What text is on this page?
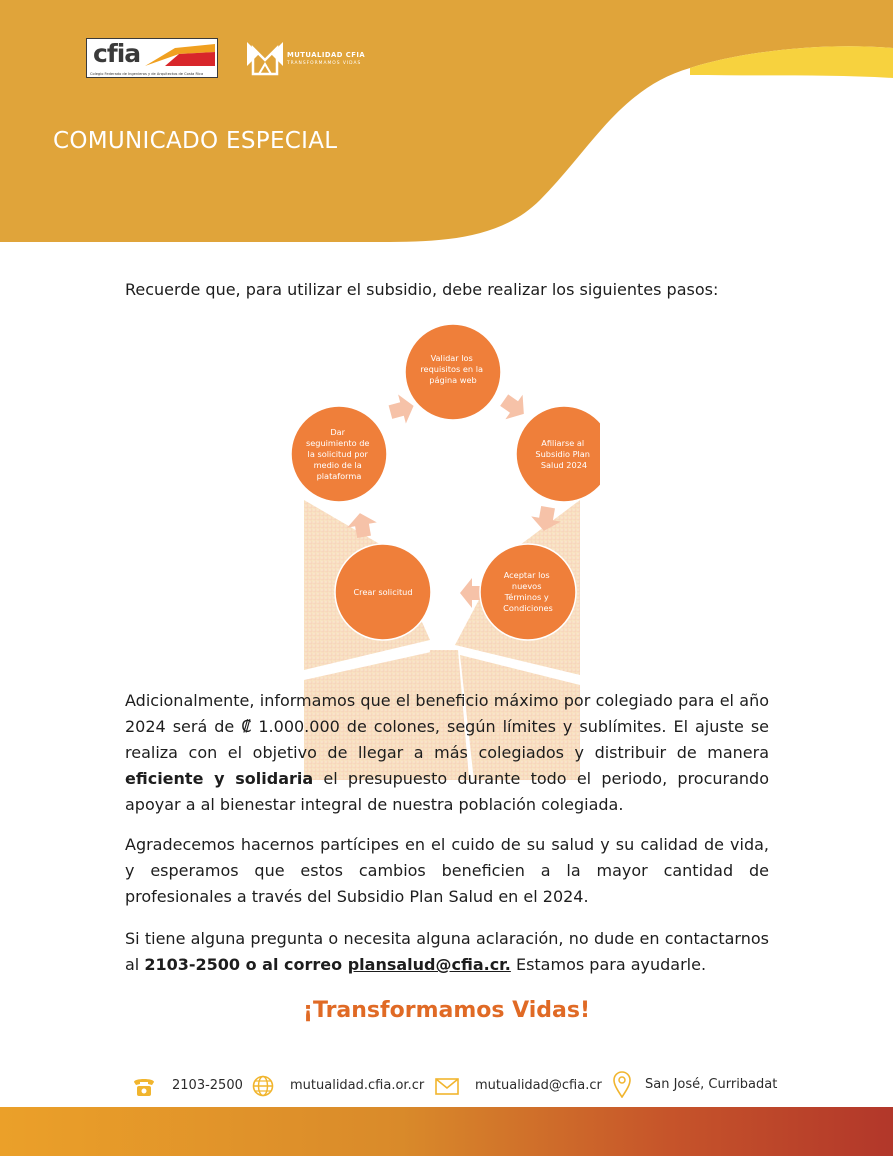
cfia
Colegio Federado de Ingenieros y de Arquitectos de Costa Rica
MUTUALIDAD CFIA
TRANSFORMAMOS VIDAS
COMUNICADO ESPECIAL
Recuerde que, para utilizar el subsidio, debe realizar los siguientes pasos:
Validar los requisitos en la página web
Afiliarse al Subsidio Plan Salud 2024
Aceptar los nuevos Términos y Condiciones
Crear solicitud
Dar seguimiento de la solicitud por medio de la plataforma
Adicionalmente, informamos que el beneficio máximo por colegiado para el año 2024 será de ₡ 1.000.000 de colones, según límites y sublímites. El ajuste se realiza con el objetivo de llegar a más colegiados y distribuir de manera eficiente y solidaria el presupuesto durante todo el periodo, procurando apoyar a al bienestar integral de nuestra población colegiada.
Agradecemos hacernos partícipes en el cuido de su salud y su calidad de vida, y esperamos que estos cambios beneficien a la mayor cantidad de profesionales a través del Subsidio Plan Salud en el 2024.
Si tiene alguna pregunta o necesita alguna aclaración, no dude en contactarnos al 2103-2500 o al correo plansalud@cfia.cr. Estamos para ayudarle.
¡Transformamos Vidas!
2103-2500	mutualidad.cfia.or.cr	mutualidad@cfia.cr	San José, Curribadat
